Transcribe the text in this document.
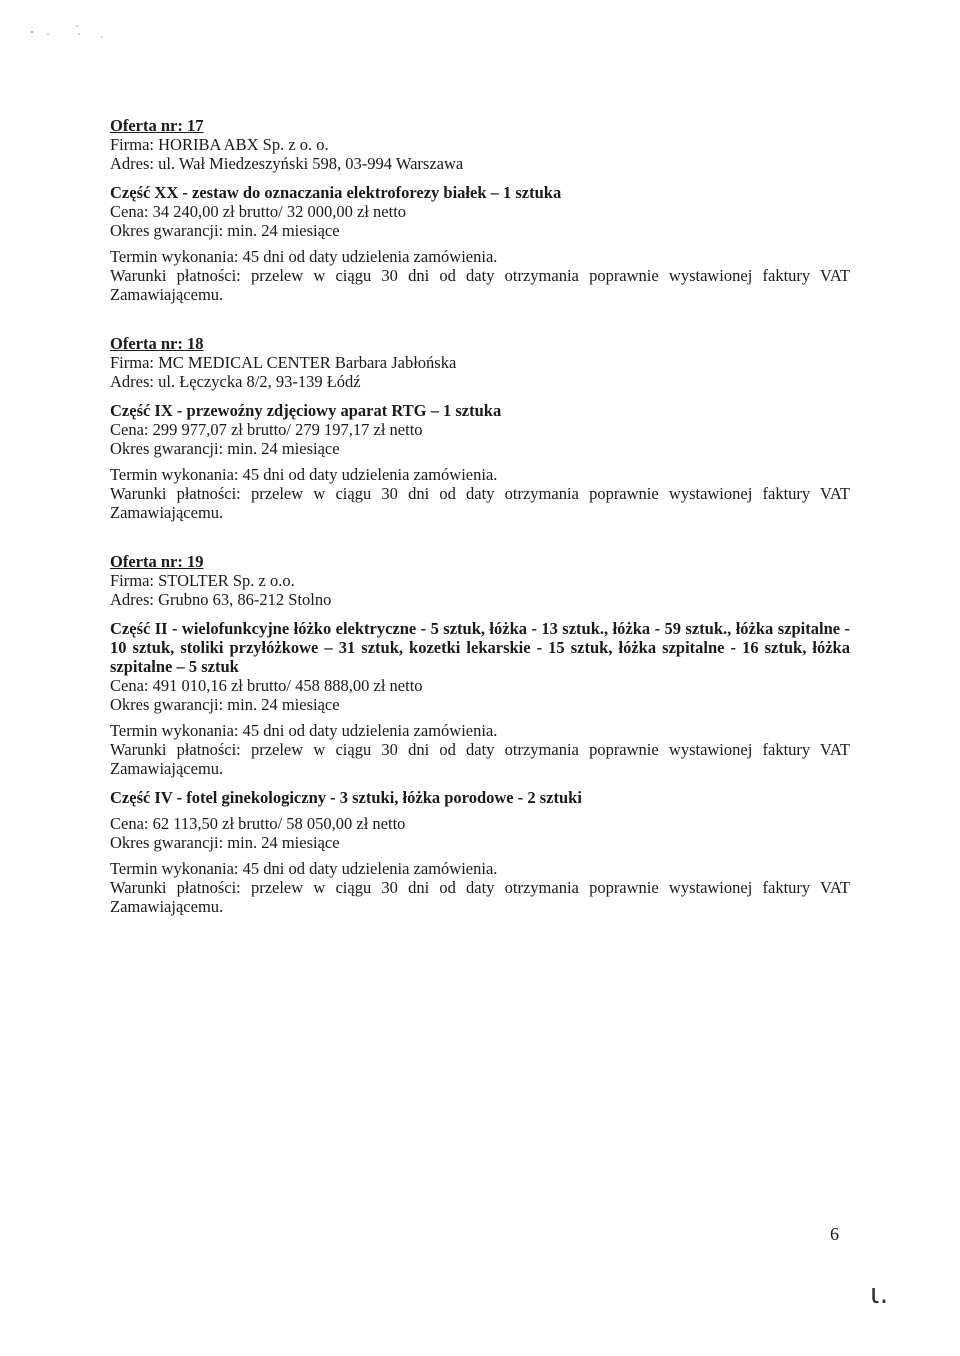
Oferta nr: 17
Firma: HORIBA ABX Sp. z o. o.
Adres: ul. Wał Miedzeszyński 598, 03-994 Warszawa
Część XX - zestaw do oznaczania elektroforezy białek – 1 sztuka
Cena: 34 240,00 zł brutto/ 32 000,00 zł netto
Okres gwarancji: min. 24 miesiące
Termin wykonania: 45 dni od daty udzielenia zamówienia.
Warunki płatności: przelew w ciągu 30 dni od daty otrzymania poprawnie wystawionej faktury VAT
Zamawiającemu.
Oferta nr: 18
Firma: MC MEDICAL CENTER Barbara Jabłońska
Adres: ul. Łęczycka 8/2, 93-139 Łódź
Część IX - przewoźny zdjęciowy aparat RTG – 1 sztuka
Cena: 299 977,07 zł brutto/ 279 197,17 zł netto
Okres gwarancji: min. 24 miesiące
Termin wykonania: 45 dni od daty udzielenia zamówienia.
Warunki płatności: przelew w ciągu 30 dni od daty otrzymania poprawnie wystawionej faktury VAT
Zamawiającemu.
Oferta nr: 19
Firma: STOLTER Sp. z o.o.
Adres: Grubno 63, 86-212 Stolno
Część II - wielofunkcyjne łóżko elektryczne - 5 sztuk, łóżka - 13 sztuk., łóżka - 59 sztuk., łóżka szpitalne - 10 sztuk, stoliki przyłóżkowe – 31 sztuk, kozetki lekarskie - 15 sztuk, łóżka szpitalne - 16 sztuk, łóżka szpitalne – 5 sztuk
Cena: 491 010,16 zł brutto/ 458 888,00 zł netto
Okres gwarancji: min. 24 miesiące
Termin wykonania: 45 dni od daty udzielenia zamówienia.
Warunki płatności: przelew w ciągu 30 dni od daty otrzymania poprawnie wystawionej faktury VAT
Zamawiającemu.
Część IV - fotel ginekologiczny - 3 sztuki, łóżka porodowe - 2 sztuki
Cena: 62 113,50 zł brutto/ 58 050,00 zł netto
Okres gwarancji: min. 24 miesiące
Termin wykonania: 45 dni od daty udzielenia zamówienia.
Warunki płatności: przelew w ciągu 30 dni od daty otrzymania poprawnie wystawionej faktury VAT
Zamawiającemu.
6
ι.
